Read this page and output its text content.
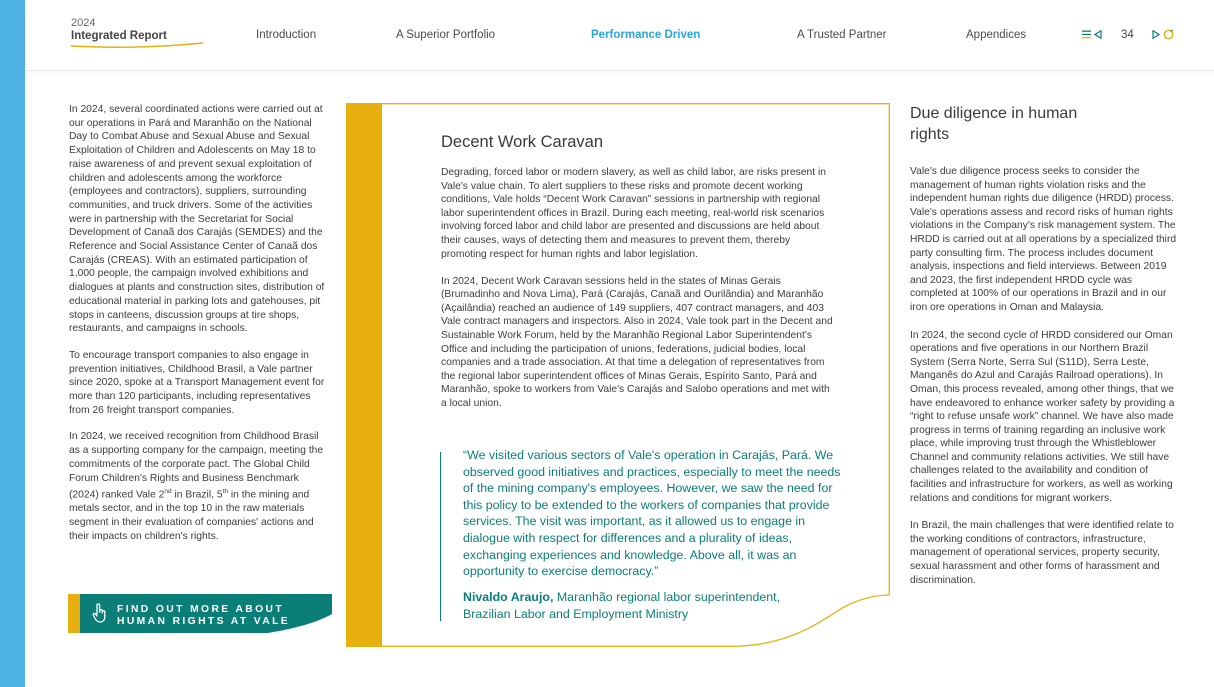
2024
Integrated Report	Introduction	A Superior Portfolio	Performance Driven	A Trusted Partner	Appendices	34

In 2024, several coordinated actions were carried out at our operations in Pará and Maranhão on the National Day to Combat Abuse and Sexual Abuse and Sexual Exploitation of Children and Adolescents on May 18 to raise awareness of and prevent sexual exploitation of children and adolescents among the workforce (employees and contractors), suppliers, surrounding communities, and truck drivers. Some of the activities were in partnership with the Secretariat for Social Development of Canaã dos Carajás (SEMDES) and the Reference and Social Assistance Center of Canaã dos Carajás (CREAS). With an estimated participation of 1,000 people, the campaign involved exhibitions and dialogues at plants and construction sites, distribution of educational material in parking lots and gatehouses, pit stops in canteens, discussion groups at tire shops, restaurants, and campaigns in schools.

To encourage transport companies to also engage in prevention initiatives, Childhood Brasil, a Vale partner since 2020, spoke at a Transport Management event for more than 120 participants, including representatives from 26 freight transport companies.

In 2024, we received recognition from Childhood Brasil as a supporting company for the campaign, meeting the commitments of the corporate pact. The Global Child Forum Children's Rights and Business Benchmark (2024) ranked Vale 2nd in Brazil, 5th in the mining and metals sector, and in the top 10 in the raw materials segment in their evaluation of companies' actions and their impacts on children's rights.

FIND OUT MORE ABOUT
HUMAN RIGHTS AT VALE
Decent Work Caravan

Degrading, forced labor or modern slavery, as well as child labor, are risks present in Vale's value chain. To alert suppliers to these risks and promote decent working conditions, Vale holds “Decent Work Caravan” sessions in partnership with regional labor superintendent offices in Brazil. During each meeting, real-world risk scenarios involving forced labor and child labor are presented and discussions are held about their causes, ways of detecting them and measures to prevent them, thereby promoting respect for human rights and labor legislation.

In 2024, Decent Work Caravan sessions held in the states of Minas Gerais (Brumadinho and Nova Lima), Pará (Carajás, Canaã and Ourilândia) and Maranhão (Açailândia) reached an audience of 149 suppliers, 407 contract managers, and 403 Vale contract managers and inspectors. Also in 2024, Vale took part in the Decent and Sustainable Work Forum, held by the Maranhão Regional Labor Superintendent's Office and including the participation of unions, federations, judicial bodies, local companies and a trade association. At that time a delegation of representatives from the regional labor superintendent offices of Minas Gerais, Espírito Santo, Pará and Maranhão, spoke to workers from Vale's Carajás and Salobo operations and met with a local union.

“We visited various sectors of Vale's operation in Carajás, Pará. We observed good initiatives and practices, especially to meet the needs of the mining company's employees. However, we saw the need for this policy to be extended to the workers of companies that provide services. The visit was important, as it allowed us to engage in dialogue with respect for differences and a plurality of ideas, exchanging experiences and knowledge. Above all, it was an opportunity to exercise democracy.”
Nivaldo Araujo, Maranhão regional labor superintendent, Brazilian Labor and Employment Ministry
Due diligence in human rights

Vale's due diligence process seeks to consider the management of human rights violation risks and the independent human rights due diligence (HRDD) process. Vale's operations assess and record risks of human rights violations in the Company's risk management system. The HRDD is carried out at all operations by a specialized third party consulting firm. The process includes document analysis, inspections and field interviews. Between 2019 and 2023, the first independent HRDD cycle was completed at 100% of our operations in Brazil and in our iron ore operations in Oman and Malaysia.

In 2024, the second cycle of HRDD considered our Oman operations and five operations in our Northern Brazil System (Serra Norte, Serra Sul (S11D), Serra Leste, Manganês do Azul and Carajás Railroad operations). In Oman, this process revealed, among other things, that we have endeavored to enhance worker safety by providing a “right to refuse unsafe work” channel. We have also made progress in terms of training regarding an inclusive work place, while improving trust through the Whistleblower Channel and community relations activities. We still have challenges related to the availability and condition of facilities and infrastructure for workers, as well as working relations and conditions for migrant workers.

In Brazil, the main challenges that were identified relate to the working conditions of contractors, infrastructure, management of operational services, property security, sexual harassment and other forms of harassment and discrimination.
